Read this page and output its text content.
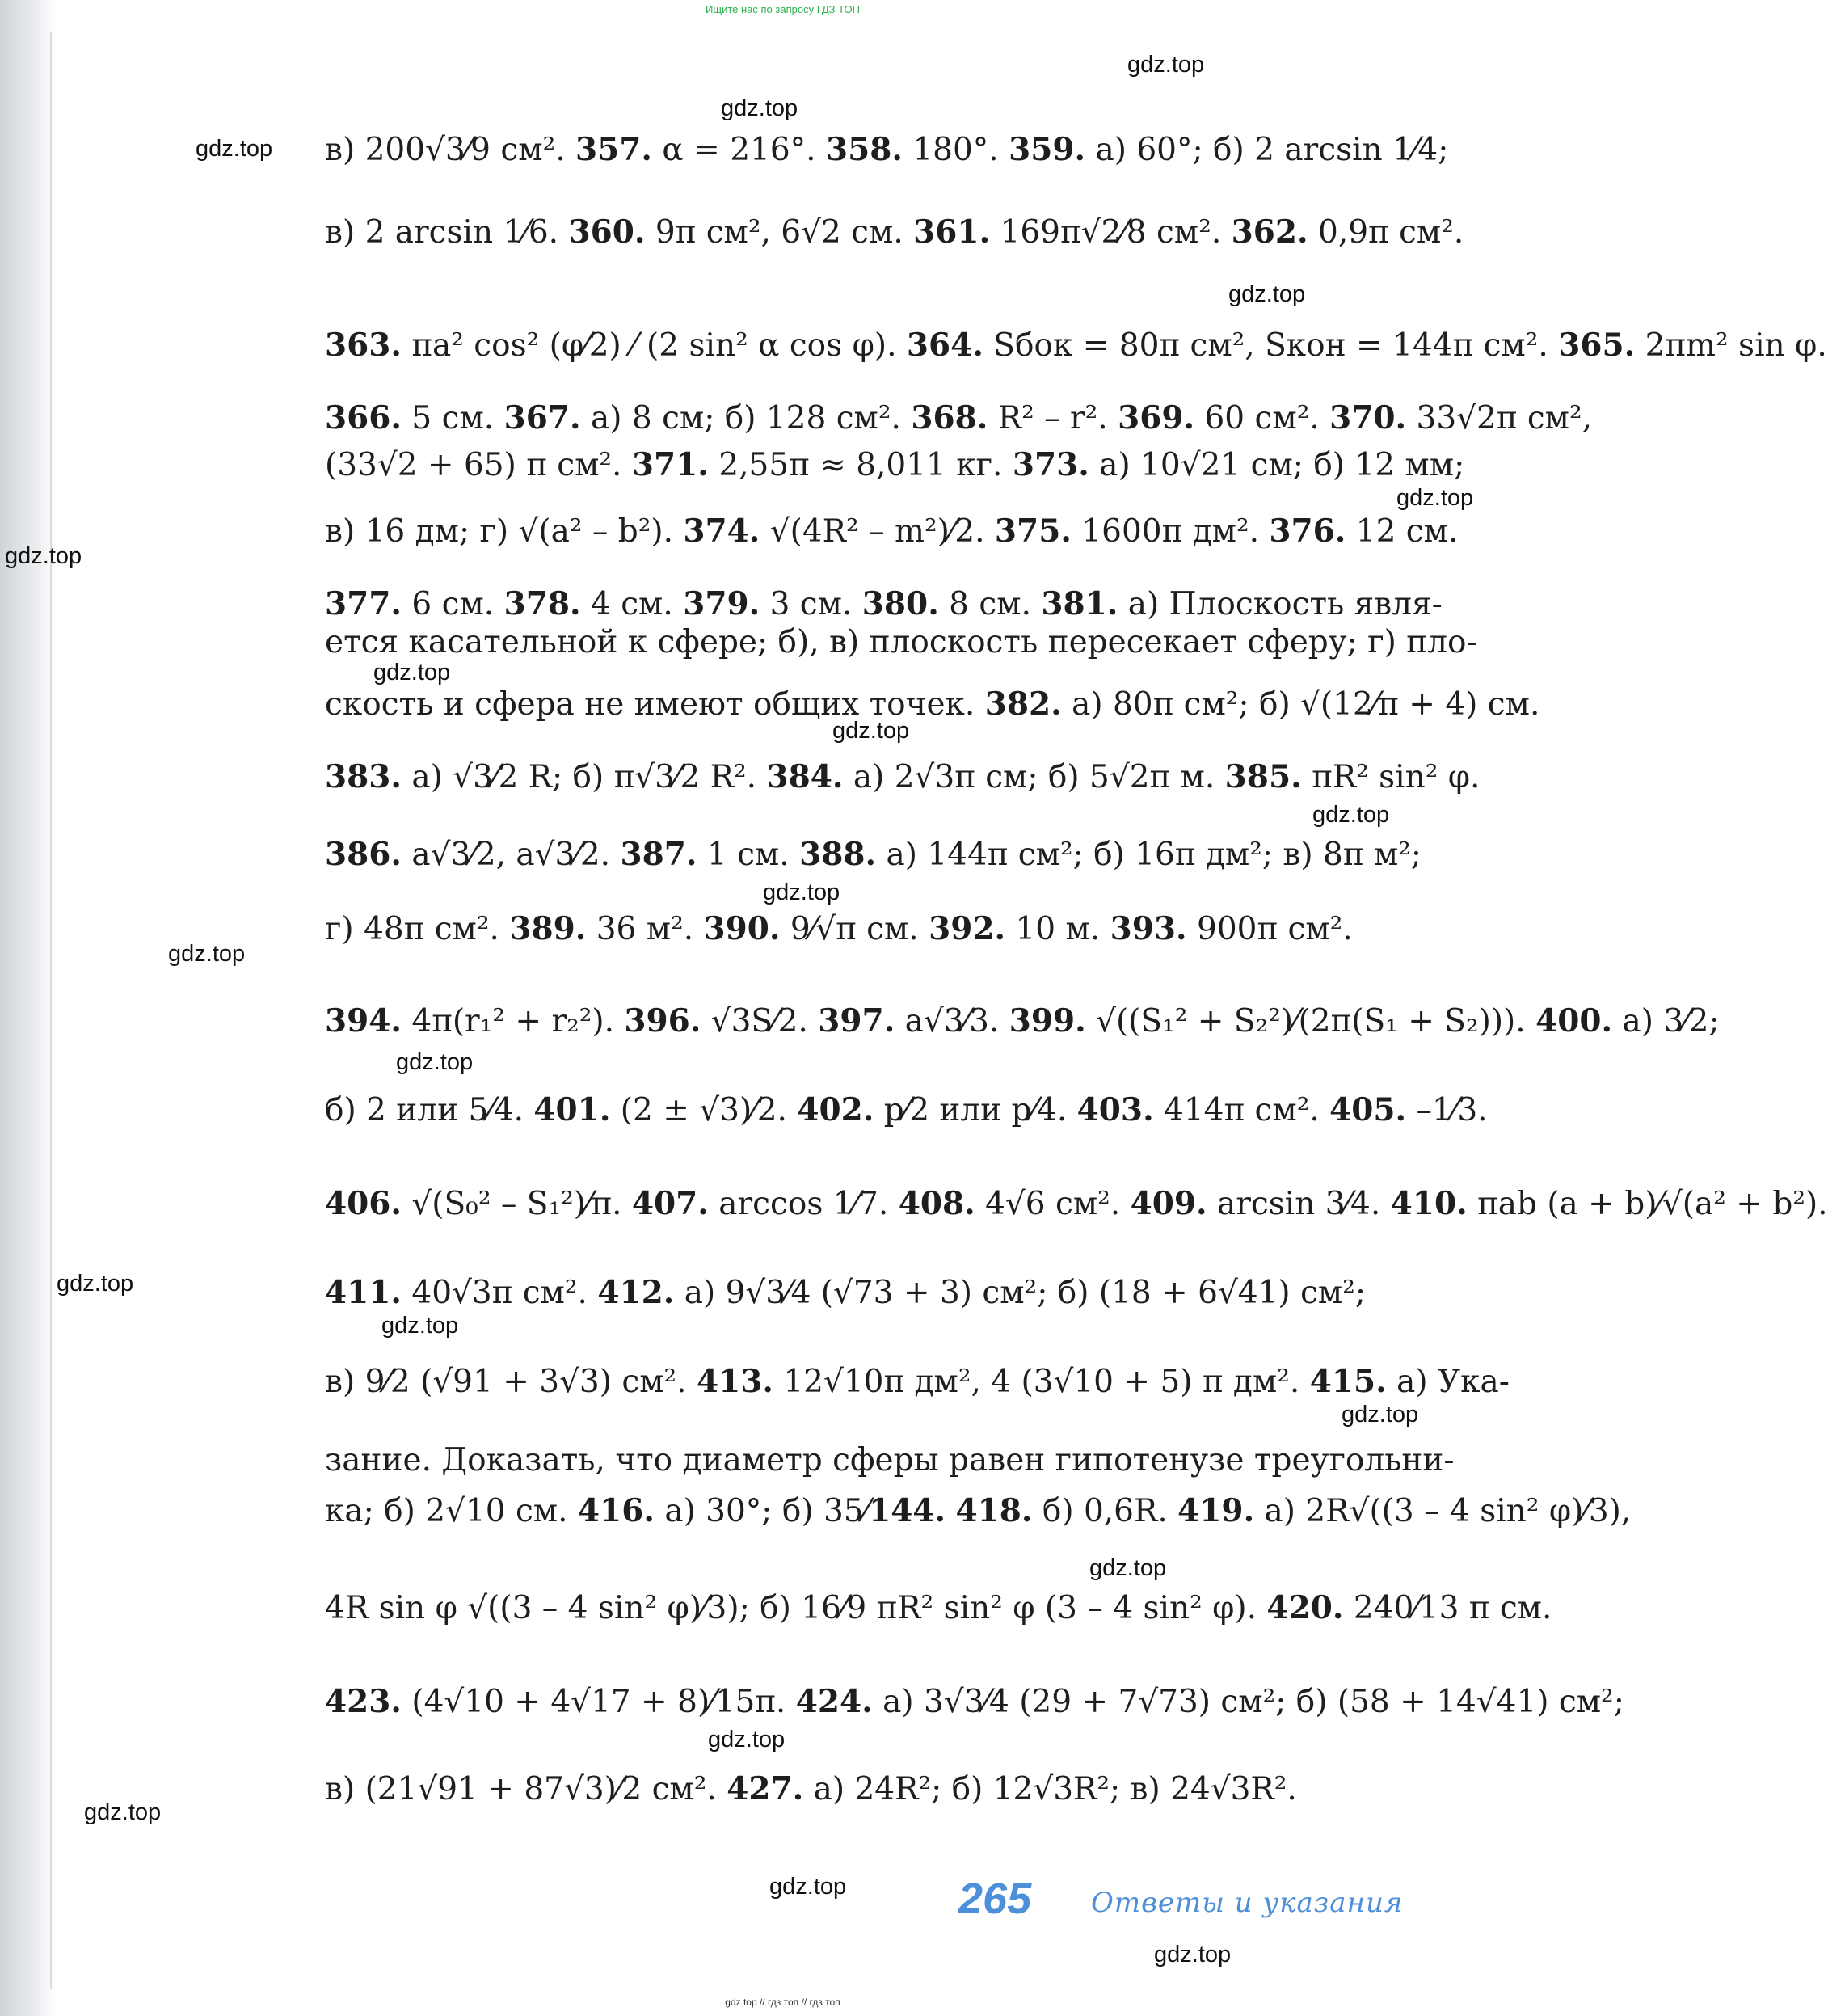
Ищите нас по запросу ГДЗ ТОП
gdz.top
gdz.top
gdz.top
gdz.top
gdz.top
gdz.top
gdz.top
gdz.top
gdz.top
gdz.top
gdz.top
gdz.top
gdz.top
gdz.top
gdz.top
gdz.top
gdz.top
gdz.top
gdz.top
gdz.top
в) 200√3⁄9 см². 357. α = 216°. 358. 180°. 359. а) 60°; б) 2 arcsin 1⁄4;
в) 2 arcsin 1⁄6. 360. 9π см², 6√2 см. 361. 169π√2⁄8 см². 362. 0,9π см².
363. πa² cos² (φ⁄2) ⁄ (2 sin² α cos φ). 364. Sбок = 80π см², Sкон = 144π см². 365. 2πm² sin φ.
366. 5 см. 367. а) 8 см; б) 128 см². 368. R² – r². 369. 60 см². 370. 33√2π см²,
(33√2 + 65) π см². 371. 2,55π ≈ 8,011 кг. 373. а) 10√21 см; б) 12 мм;
в) 16 дм; г) √(a² – b²). 374. √(4R² – m²)⁄2. 375. 1600π дм². 376. 12 см.
377. 6 см. 378. 4 см. 379. 3 см. 380. 8 см. 381. а) Плоскость явля-
ется касательной к сфере; б), в) плоскость пересекает сферу; г) пло-
скость и сфера не имеют общих точек. 382. а) 80π см²; б) √(12⁄π + 4) см.
383. а) √3⁄2 R; б) π√3⁄2 R². 384. а) 2√3π см; б) 5√2π м. 385. πR² sin² φ.
386. a√3⁄2, a√3⁄2. 387. 1 см. 388. а) 144π см²; б) 16π дм²; в) 8π м²;
г) 48π см². 389. 36 м². 390. 9⁄√π см. 392. 10 м. 393. 900π см².
394. 4π(r₁² + r₂²). 396. √3S⁄2. 397. a√3⁄3. 399. √((S₁² + S₂²)⁄(2π(S₁ + S₂))). 400. а) 3⁄2;
б) 2 или 5⁄4. 401. (2 ± √3)⁄2. 402. p⁄2 или p⁄4. 403. 414π см². 405. –1⁄3.
406. √(S₀² – S₁²)⁄π. 407. arccos 1⁄7. 408. 4√6 см². 409. arcsin 3⁄4. 410. πab (a + b)⁄√(a² + b²).
411. 40√3π см². 412. а) 9√3⁄4 (√73 + 3) см²; б) (18 + 6√41) см²;
в) 9⁄2 (√91 + 3√3) см². 413. 12√10π дм², 4 (3√10 + 5) π дм². 415. а) Ука-
зание. Доказать, что диаметр сферы равен гипотенузе треугольни-
ка; б) 2√10 см. 416. а) 30°; б) 35⁄144. 418. б) 0,6R. 419. а) 2R√((3 – 4 sin² φ)⁄3),
4R sin φ √((3 – 4 sin² φ)⁄3); б) 16⁄9 πR² sin² φ (3 – 4 sin² φ). 420. 240⁄13 π см.
423. (4√10 + 4√17 + 8)⁄15π. 424. а) 3√3⁄4 (29 + 7√73) см²; б) (58 + 14√41) см²;
в) (21√91 + 87√3)⁄2 см². 427. а) 24R²; б) 12√3R²; в) 24√3R².
265 Ответы и указания
gdz top // гдз топ // гдз топ
